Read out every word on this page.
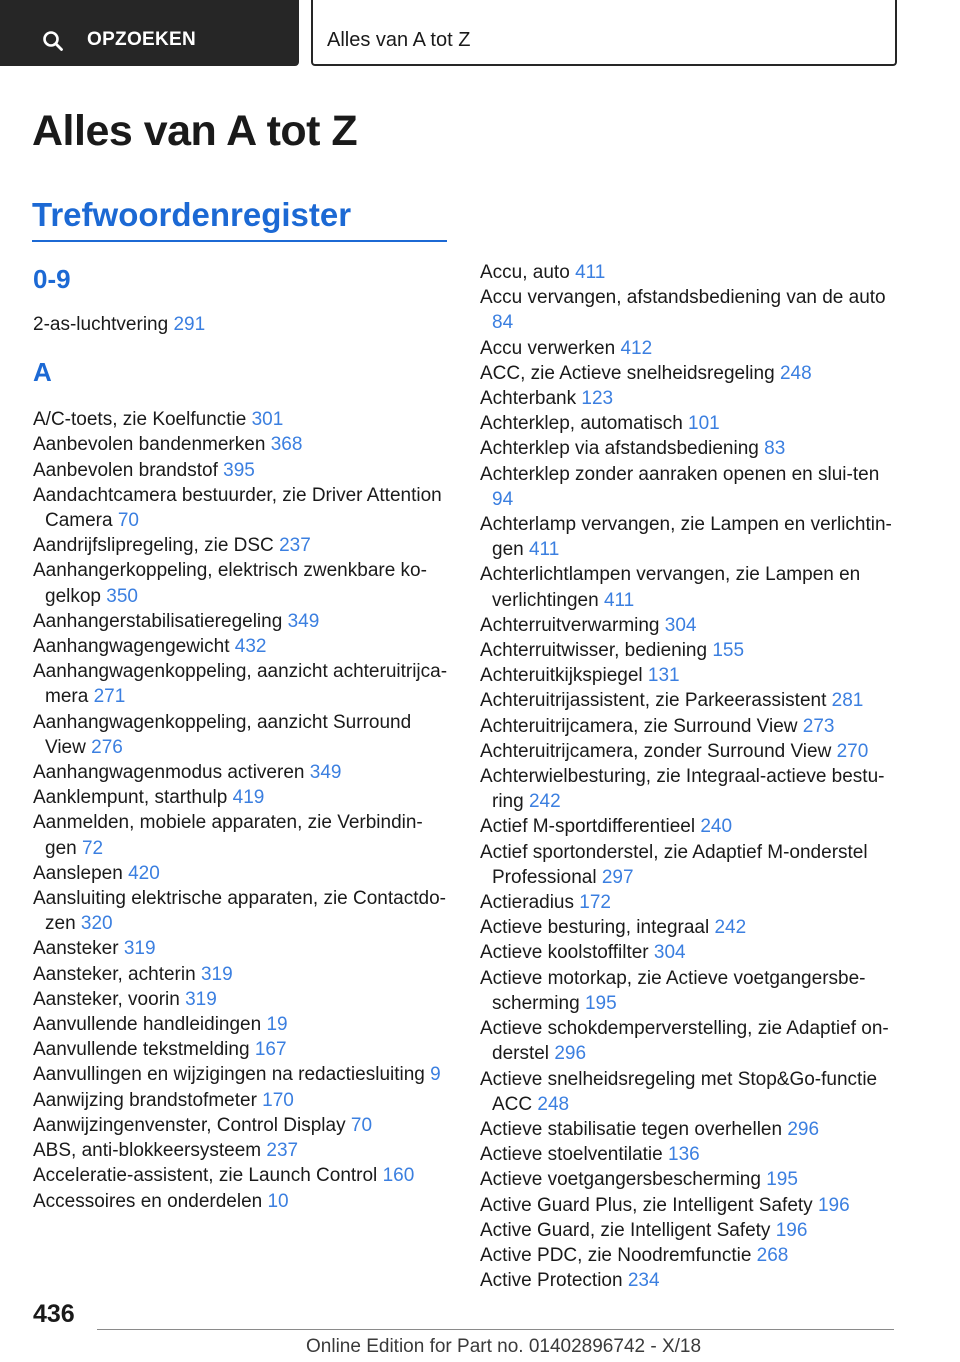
OPZOEKEN	Alles van A tot Z
Alles van A tot Z
Trefwoordenregister
0-9
2-as-luchtvering 291
A
A/C-toets, zie Koelfunctie 301
Aanbevolen bandenmerken 368
Aanbevolen brandstof 395
Aandachtcamera bestuurder, zie Driver Attention Camera 70
Aandrijfslipregeling, zie DSC 237
Aanhangerkoppeling, elektrisch zwenkbare ko-gelkop 350
Aanhangerstabilisatieregeling 349
Aanhangwagengewicht 432
Aanhangwagenkoppeling, aanzicht achteruitrijca-mera 271
Aanhangwagenkoppeling, aanzicht Surround View 276
Aanhangwagenmodus activeren 349
Aanklempunt, starthulp 419
Aanmelden, mobiele apparaten, zie Verbindin-gen 72
Aanslepen 420
Aansluiting elektrische apparaten, zie Contactdo-zen 320
Aansteker 319
Aansteker, achterin 319
Aansteker, voorin 319
Aanvullende handleidingen 19
Aanvullende tekstmelding 167
Aanvullingen en wijzigingen na redactiesluiting 9
Aanwijzing brandstofmeter 170
Aanwijzingenvenster, Control Display 70
ABS, anti-blokkeersysteem 237
Acceleratie-assistent, zie Launch Control 160
Accessoires en onderdelen 10
Accu, auto 411
Accu vervangen, afstandsbediening van de auto 84
Accu verwerken 412
ACC, zie Actieve snelheidsregeling 248
Achterbank 123
Achterklep, automatisch 101
Achterklep via afstandsbediening 83
Achterklep zonder aanraken openen en slui-ten 94
Achterlamp vervangen, zie Lampen en verlichtin-gen 411
Achterlichtlampen vervangen, zie Lampen en verlichtingen 411
Achterruitverwarming 304
Achterruitwisser, bediening 155
Achteruitkijkspiegel 131
Achteruitrijassistent, zie Parkeerassistent 281
Achteruitrijcamera, zie Surround View 273
Achteruitrijcamera, zonder Surround View 270
Achterwielbesturing, zie Integraal-actieve bestu-ring 242
Actief M-sportdifferentieel 240
Actief sportonderstel, zie Adaptief M-onderstel Professional 297
Actieradius 172
Actieve besturing, integraal 242
Actieve koolstoffilter 304
Actieve motorkap, zie Actieve voetgangersbe-scherming 195
Actieve schokdemperverstelling, zie Adaptief on-derstel 296
Actieve snelheidsregeling met Stop&Go-functie ACC 248
Actieve stabilisatie tegen overhellen 296
Actieve stoelventilatie 136
Actieve voetgangersbescherming 195
Active Guard Plus, zie Intelligent Safety 196
Active Guard, zie Intelligent Safety 196
Active PDC, zie Noodremfunctie 268
Active Protection 234
436
Online Edition for Part no. 01402896742 - X/18
